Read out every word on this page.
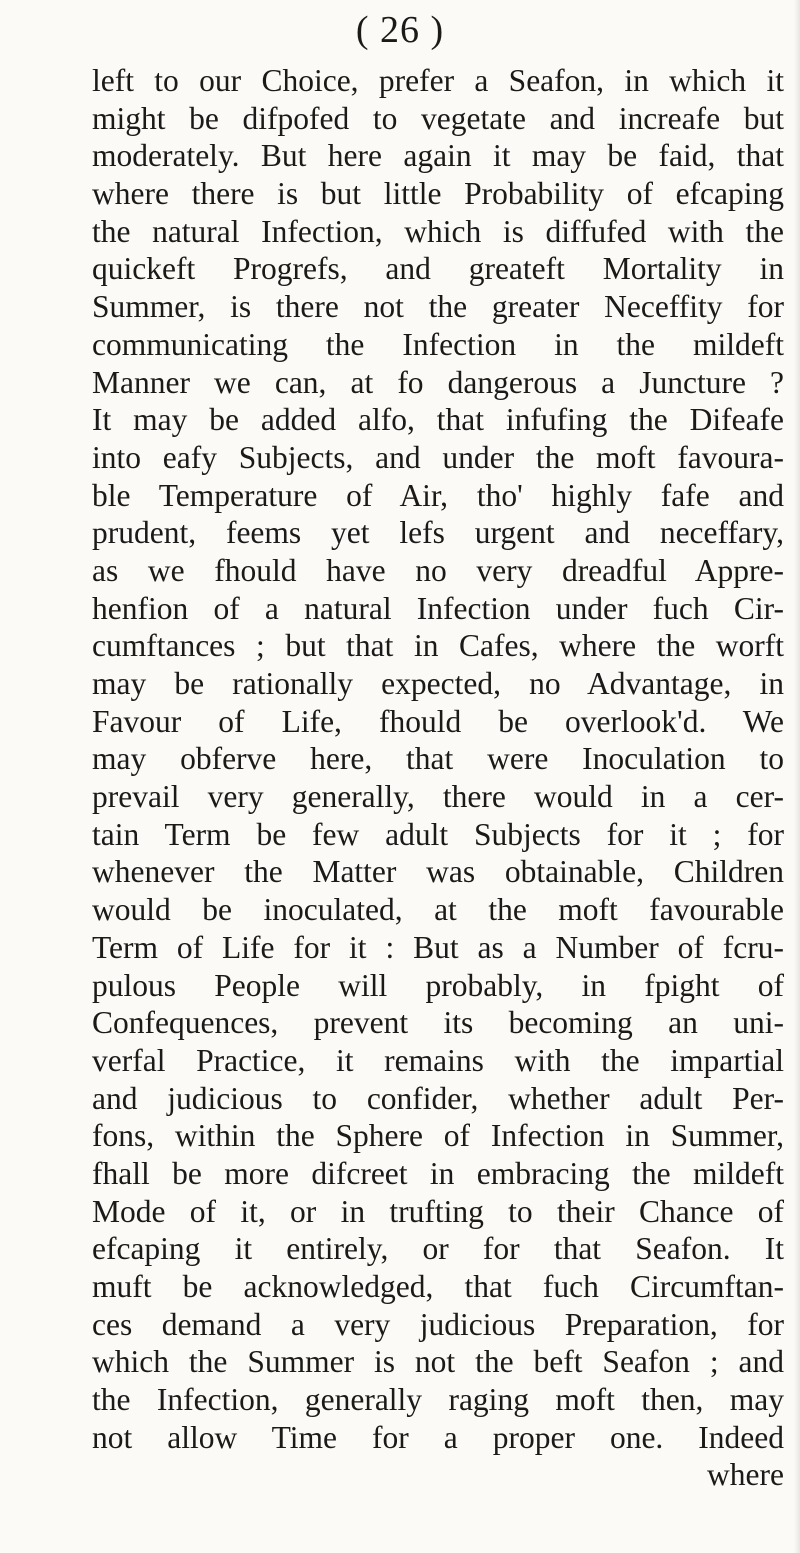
( 26 )
left to our Choice, prefer a Seafon, in which it
might be difpofed to vegetate and increafe but
moderately. But here again it may be faid, that
where there is but little Probability of efcaping
the natural Infection, which is diffufed with the
quickeft Progrefs, and greateft Mortality in
Summer, is there not the greater Neceffity for
communicating the Infection in the mildeft
Manner we can, at fo dangerous a Juncture ?
It may be added alfo, that infufing the Difeafe
into eafy Subjects, and under the moft favoura-
ble Temperature of Air, tho' highly fafe and
prudent, feems yet lefs urgent and neceffary,
as we fhould have no very dreadful Appre-
henfion of a natural Infection under fuch Cir-
cumftances ; but that in Cafes, where the worft
may be rationally expected, no Advantage, in
Favour of Life, fhould be overlook'd. We
may obferve here, that were Inoculation to
prevail very generally, there would in a cer-
tain Term be few adult Subjects for it ; for
whenever the Matter was obtainable, Children
would be inoculated, at the moft favourable
Term of Life for it : But as a Number of fcru-
pulous People will probably, in fpight of
Confequences, prevent its becoming an uni-
verfal Practice, it remains with the impartial
and judicious to confider, whether adult Per-
fons, within the Sphere of Infection in Summer,
fhall be more difcreet in embracing the mildeft
Mode of it, or in trufting to their Chance of
efcaping it entirely, or for that Seafon. It
muft be acknowledged, that fuch Circumftan-
ces demand a very judicious Preparation, for
which the Summer is not the beft Seafon ; and
the Infection, generally raging moft then, may
not allow Time for a proper one. Indeed
where
